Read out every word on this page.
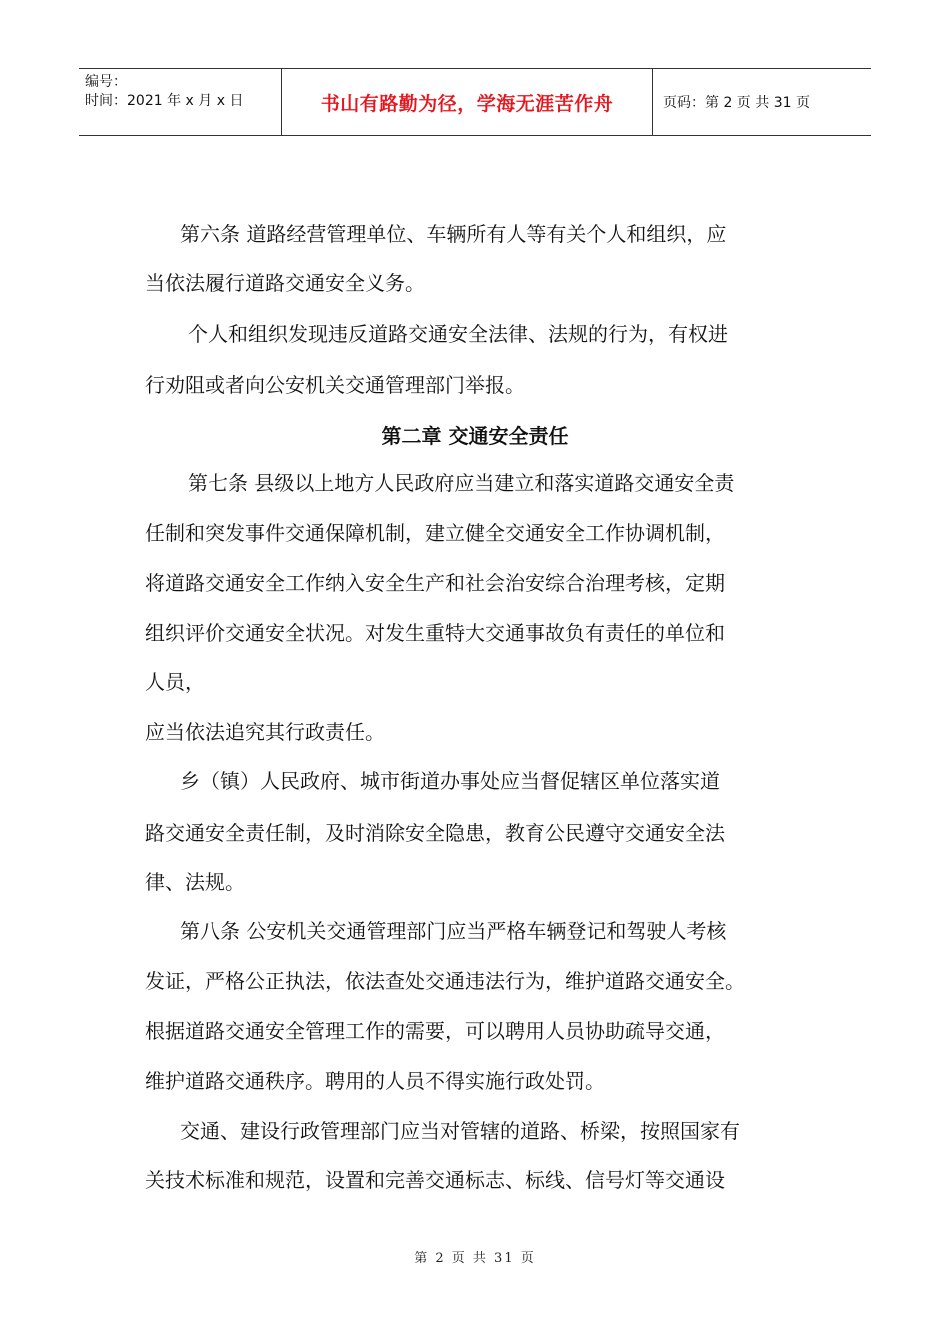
编号：
时间：2021 年 x 月 x 日	书山有路勤为径，学海无涯苦作舟	页码：第 2 页 共 31 页
第六条 道路经营管理单位、车辆所有人等有关个人和组织，应
当依法履行道路交通安全义务。
个人和组织发现违反道路交通安全法律、法规的行为，有权进
行劝阻或者向公安机关交通管理部门举报。
第二章 交通安全责任
第七条 县级以上地方人民政府应当建立和落实道路交通安全责
任制和突发事件交通保障机制，建立健全交通安全工作协调机制，
将道路交通安全工作纳入安全生产和社会治安综合治理考核，定期
组织评价交通安全状况。对发生重特大交通事故负有责任的单位和
人员，
应当依法追究其行政责任。
乡（镇）人民政府、城市街道办事处应当督促辖区单位落实道
路交通安全责任制，及时消除安全隐患，教育公民遵守交通安全法
律、法规。
第八条 公安机关交通管理部门应当严格车辆登记和驾驶人考核
发证，严格公正执法，依法查处交通违法行为，维护道路交通安全。
根据道路交通安全管理工作的需要，可以聘用人员协助疏导交通，
维护道路交通秩序。聘用的人员不得实施行政处罚。
交通、建设行政管理部门应当对管辖的道路、桥梁，按照国家有
关技术标准和规范，设置和完善交通标志、标线、信号灯等交通设
第 2 页 共 31 页
